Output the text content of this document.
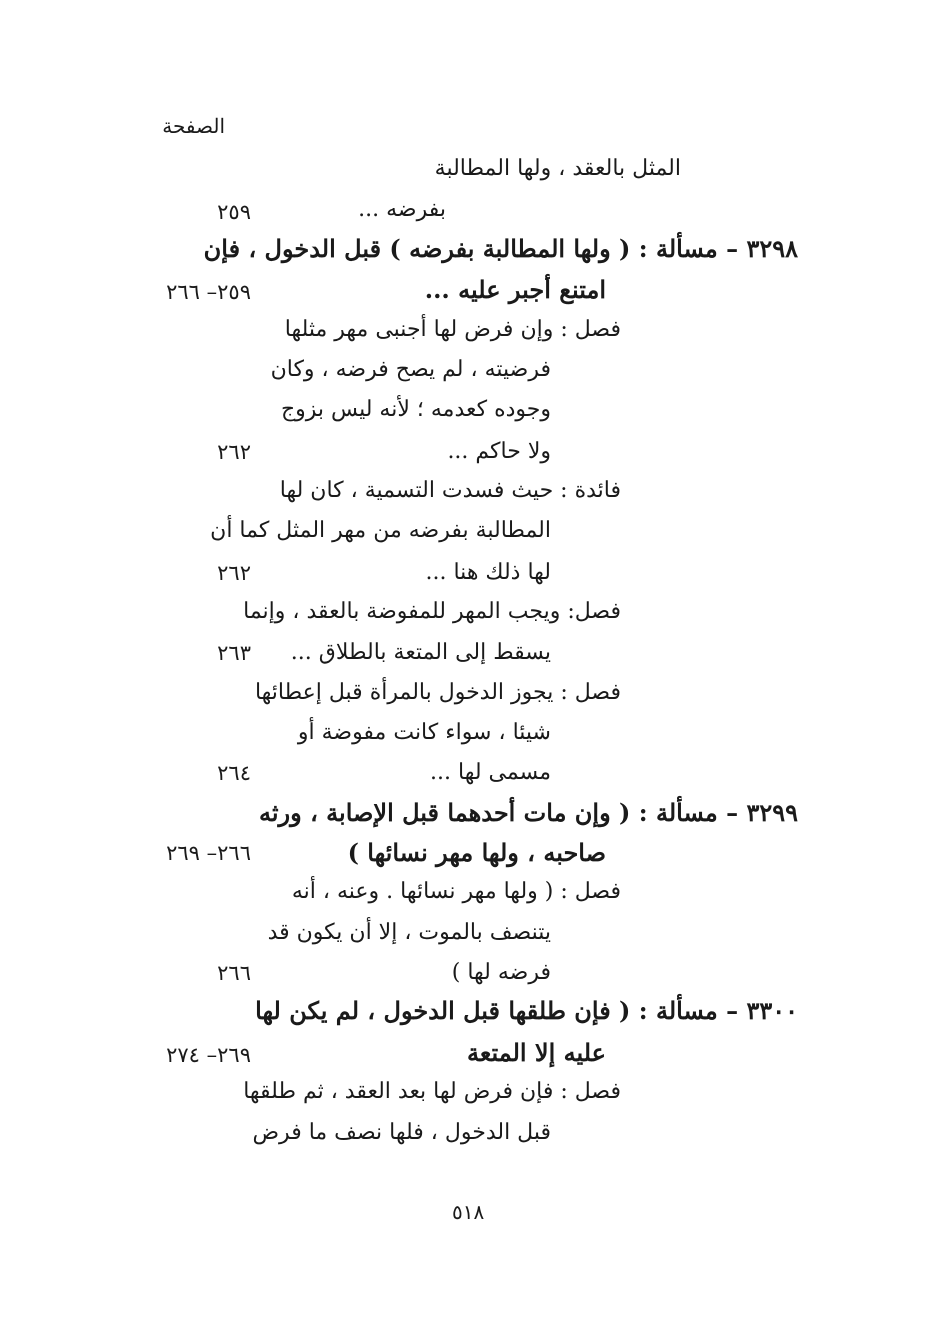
الصفحة
المثل بالعقد ، ولها المطالبة
بفرضه ...
٢٥٩
٣٢٩٨ – مسألة : ( ولها المطالبة بفرضه ) قبل الدخول ، فإن
امتنع أجبر عليه ...
٢٥٩– ٢٦٦
فصل : وإن فرض لها أجنبى مهر مثلها
فرضيته ، لم يصح فرضه ، وكان
وجوده كعدمه ؛ لأنه ليس بزوج
ولا حاكم ...
٢٦٢
فائدة : حيث فسدت التسمية ، كان لها
المطالبة بفرضه من مهر المثل كما أن
لها ذلك هنا ...
٢٦٢
فصل: ويجب المهر للمفوضة بالعقد ، وإنما
يسقط إلى المتعة بالطلاق ...
٢٦٣
فصل : يجوز الدخول بالمرأة قبل إعطائها
شيئا ، سواء كانت مفوضة أو
مسمى لها ...
٢٦٤
٣٢٩٩ – مسألة : ( وإن مات أحدهما قبل الإصابة ، ورثه
صاحبه ، ولها مهر نسائها )
٢٦٦– ٢٦٩
فصل : ( ولها مهر نسائها . وعنه ، أنه
يتنصف بالموت ، إلا أن يكون قد
فرضه لها )
٢٦٦
٣٣٠٠ – مسألة : ( فإن طلقها قبل الدخول ، لم يكن لها
عليه إلا المتعة
٢٦٩– ٢٧٤
فصل : فإن فرض لها بعد العقد ، ثم طلقها
قبل الدخول ، فلها نصف ما فرض
٥١٨
